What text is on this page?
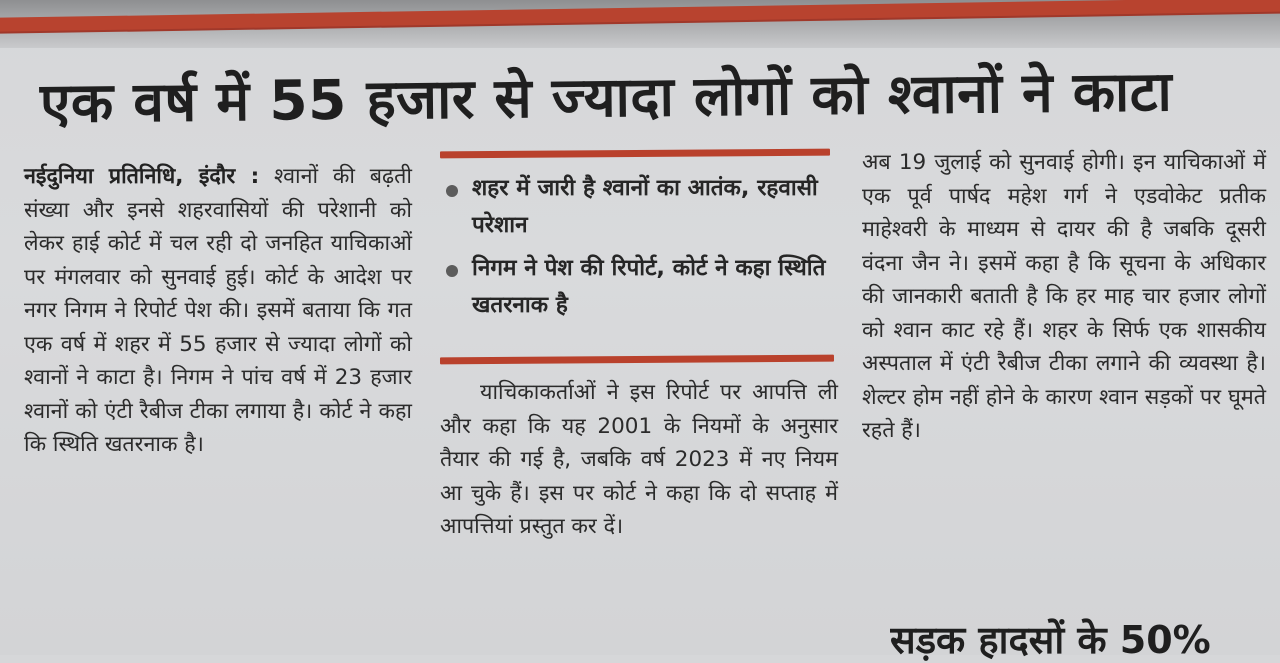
एक वर्ष में 55 हजार से ज्यादा लोगों को श्वानों ने काटा
नईदुनिया प्रतिनिधि, इंदौर : श्वानों की बढ़ती संख्या और इनसे शहरवासियों की परेशानी को लेकर हाई कोर्ट में चल रही दो जनहित याचिकाओं पर मंगलवार को सुनवाई हुई। कोर्ट के आदेश पर नगर निगम ने रिपोर्ट पेश की। इसमें बताया कि गत एक वर्ष में शहर में 55 हजार से ज्यादा लोगों को श्वानों ने काटा है। निगम ने पांच वर्ष में 23 हजार श्वानों को एंटी रैबीज टीका लगाया है। कोर्ट ने कहा कि स्थिति खतरनाक है।
शहर में जारी है श्वानों का आतंक, रहवासी परेशान
निगम ने पेश की रिपोर्ट, कोर्ट ने कहा स्थिति खतरनाक है
याचिकाकर्ताओं ने इस रिपोर्ट पर आपत्ति ली और कहा कि यह 2001 के नियमों के अनुसार तैयार की गई है, जबकि वर्ष 2023 में नए नियम आ चुके हैं। इस पर कोर्ट ने कहा कि दो सप्ताह में आपत्तियां प्रस्तुत कर दें।
अब 19 जुलाई को सुनवाई होगी। इन याचिकाओं में एक पूर्व पार्षद महेश गर्ग ने एडवोकेट प्रतीक माहेश्वरी के माध्यम से दायर की है जबकि दूसरी वंदना जैन ने। इसमें कहा है कि सूचना के अधिकार की जानकारी बताती है कि हर माह चार हजार लोगों को श्वान काट रहे हैं। शहर के सिर्फ एक शासकीय अस्पताल में एंटी रैबीज टीका लगाने की व्यवस्था है। शेल्टर होम नहीं होने के कारण श्वान सड़कों पर घूमते रहते हैं।
सड़क हादसों के 50%
